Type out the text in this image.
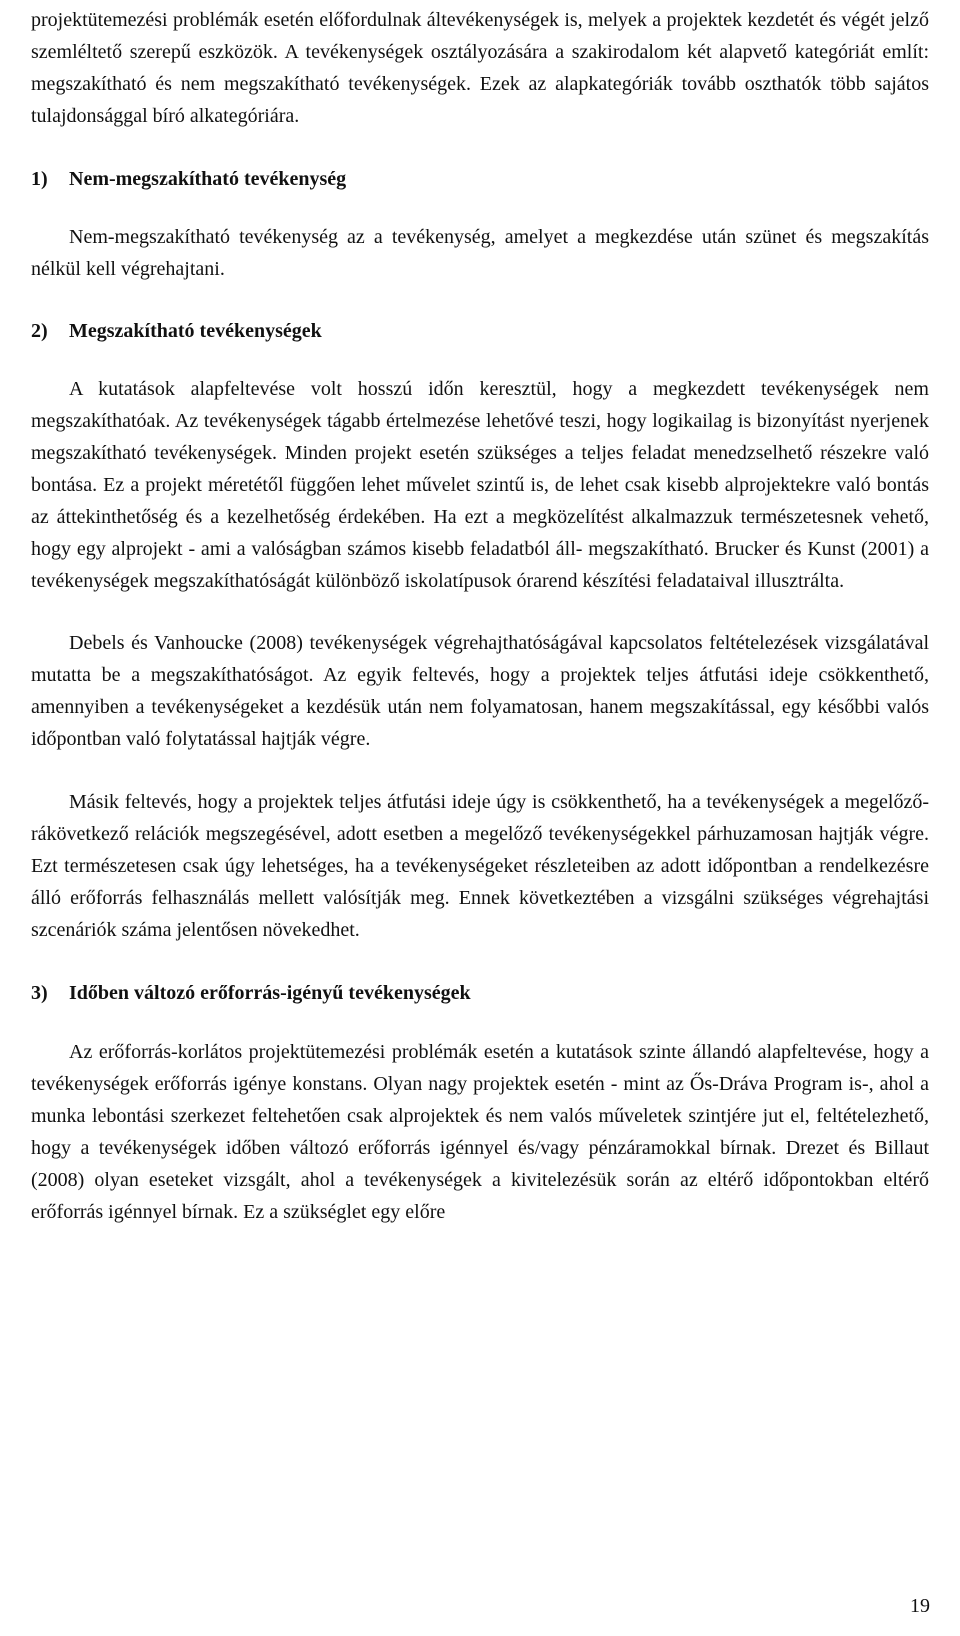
projektütemezési problémák esetén előfordulnak áltevékenységek is, melyek a projektek kezdetét és végét jelző szemléltető szerepű eszközök. A tevékenységek osztályozására a szakirodalom két alapvető kategóriát említ: megszakítható és nem megszakítható tevékenységek. Ezek az alapkategóriák tovább oszthatók több sajátos tulajdonsággal bíró alkategóriára.

1) Nem-megszakítható tevékenység

Nem-megszakítható tevékenység az a tevékenység, amelyet a megkezdése után szünet és megszakítás nélkül kell végrehajtani.

2) Megszakítható tevékenységek

A kutatások alapfeltevése volt hosszú időn keresztül, hogy a megkezdett tevékenységek nem megszakíthatóak. Az tevékenységek tágabb értelmezése lehetővé teszi, hogy logikailag is bizonyítást nyerjenek megszakítható tevékenységek. Minden projekt esetén szükséges a teljes feladat menedzselhető részekre való bontása. Ez a projekt méretétől függően lehet művelet szintű is, de lehet csak kisebb alprojektekre való bontás az áttekinthetőség és a kezelhetőség érdekében. Ha ezt a megközelítést alkalmazzuk természetesnek vehető, hogy egy alprojekt - ami a valóságban számos kisebb feladatból áll- megszakítható. Brucker és Kunst (2001) a tevékenységek megszakíthatóságát különböző iskolatípusok órarend készítési feladataival illusztrálta.

Debels és Vanhoucke (2008) tevékenységek végrehajthatóságával kapcsolatos feltételezések vizsgálatával mutatta be a megszakíthatóságot. Az egyik feltevés, hogy a projektek teljes átfutási ideje csökkenthető, amennyiben a tevékenységeket a kezdésük után nem folyamatosan, hanem megszakítással, egy későbbi valós időpontban való folytatással hajtják végre.

Másik feltevés, hogy a projektek teljes átfutási ideje úgy is csökkenthető, ha a tevékenységek a megelőző-rákövetkező relációk megszegésével, adott esetben a megelőző tevékenységekkel párhuzamosan hajtják végre. Ezt természetesen csak úgy lehetséges, ha a tevékenységeket részleteiben az adott időpontban a rendelkezésre álló erőforrás felhasználás mellett valósítják meg. Ennek következtében a vizsgálni szükséges végrehajtási szcenáriók száma jelentősen növekedhet.

3) Időben változó erőforrás-igényű tevékenységek

Az erőforrás-korlátos projektütemezési problémák esetén a kutatások szinte állandó alapfeltevése, hogy a tevékenységek erőforrás igénye konstans. Olyan nagy projektek esetén - mint az Ős-Dráva Program is-, ahol a munka lebontási szerkezet feltehetően csak alprojektek és nem valós műveletek szintjére jut el, feltételezhető, hogy a tevékenységek időben változó erőforrás igénnyel és/vagy pénzáramokkal bírnak. Drezet és Billaut (2008) olyan eseteket vizsgált, ahol a tevékenységek a kivitelezésük során az eltérő időpontokban eltérő erőforrás igénnyel bírnak. Ez a szükséglet egy előre

19
